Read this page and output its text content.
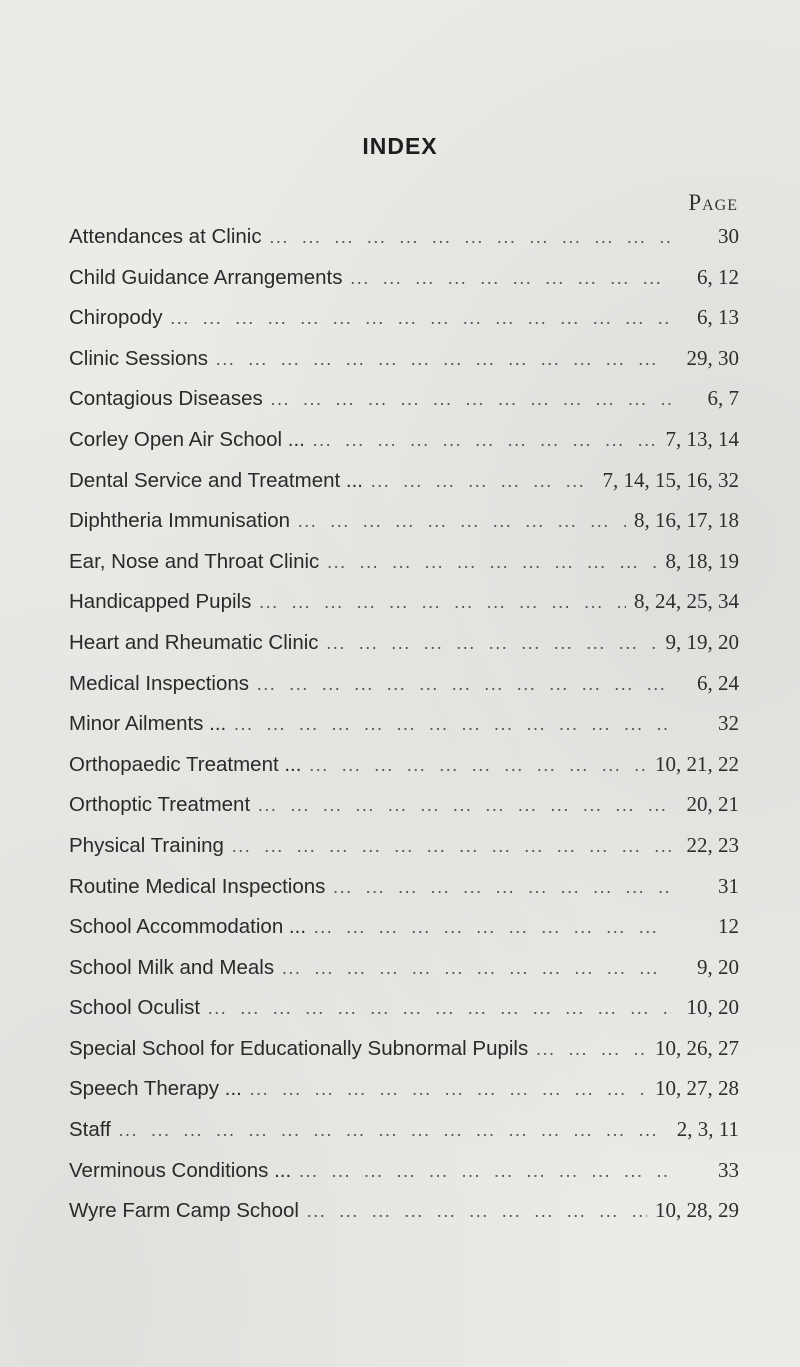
INDEX
Page
Attendances at Clinic ...	30
Child Guidance Arrangements ...	6, 12
Chiropody ...	6, 13
Clinic Sessions ...	29, 30
Contagious Diseases ...	6, 7
Corley Open Air School ... ...	7, 13, 14
Dental Service and Treatment ... ...	7, 14, 15, 16, 32
Diphtheria Immunisation ...	8, 16, 17, 18
Ear, Nose and Throat Clinic ...	8, 18, 19
Handicapped Pupils ...	8, 24, 25, 34
Heart and Rheumatic Clinic ...	9, 19, 20
Medical Inspections ...	6, 24
Minor Ailments ... ...	32
Orthopaedic Treatment ... ...	10, 21, 22
Orthoptic Treatment ...	20, 21
Physical Training ...	22, 23
Routine Medical Inspections ...	31
School Accommodation ... ...	12
School Milk and Meals ...	9, 20
School Oculist ...	10, 20
Special School for Educationally Subnormal Pupils ...	10, 26, 27
Speech Therapy ... ...	10, 27, 28
Staff ...	2, 3, 11
Verminous Conditions ... ...	33
Wyre Farm Camp School ...	10, 28, 29
